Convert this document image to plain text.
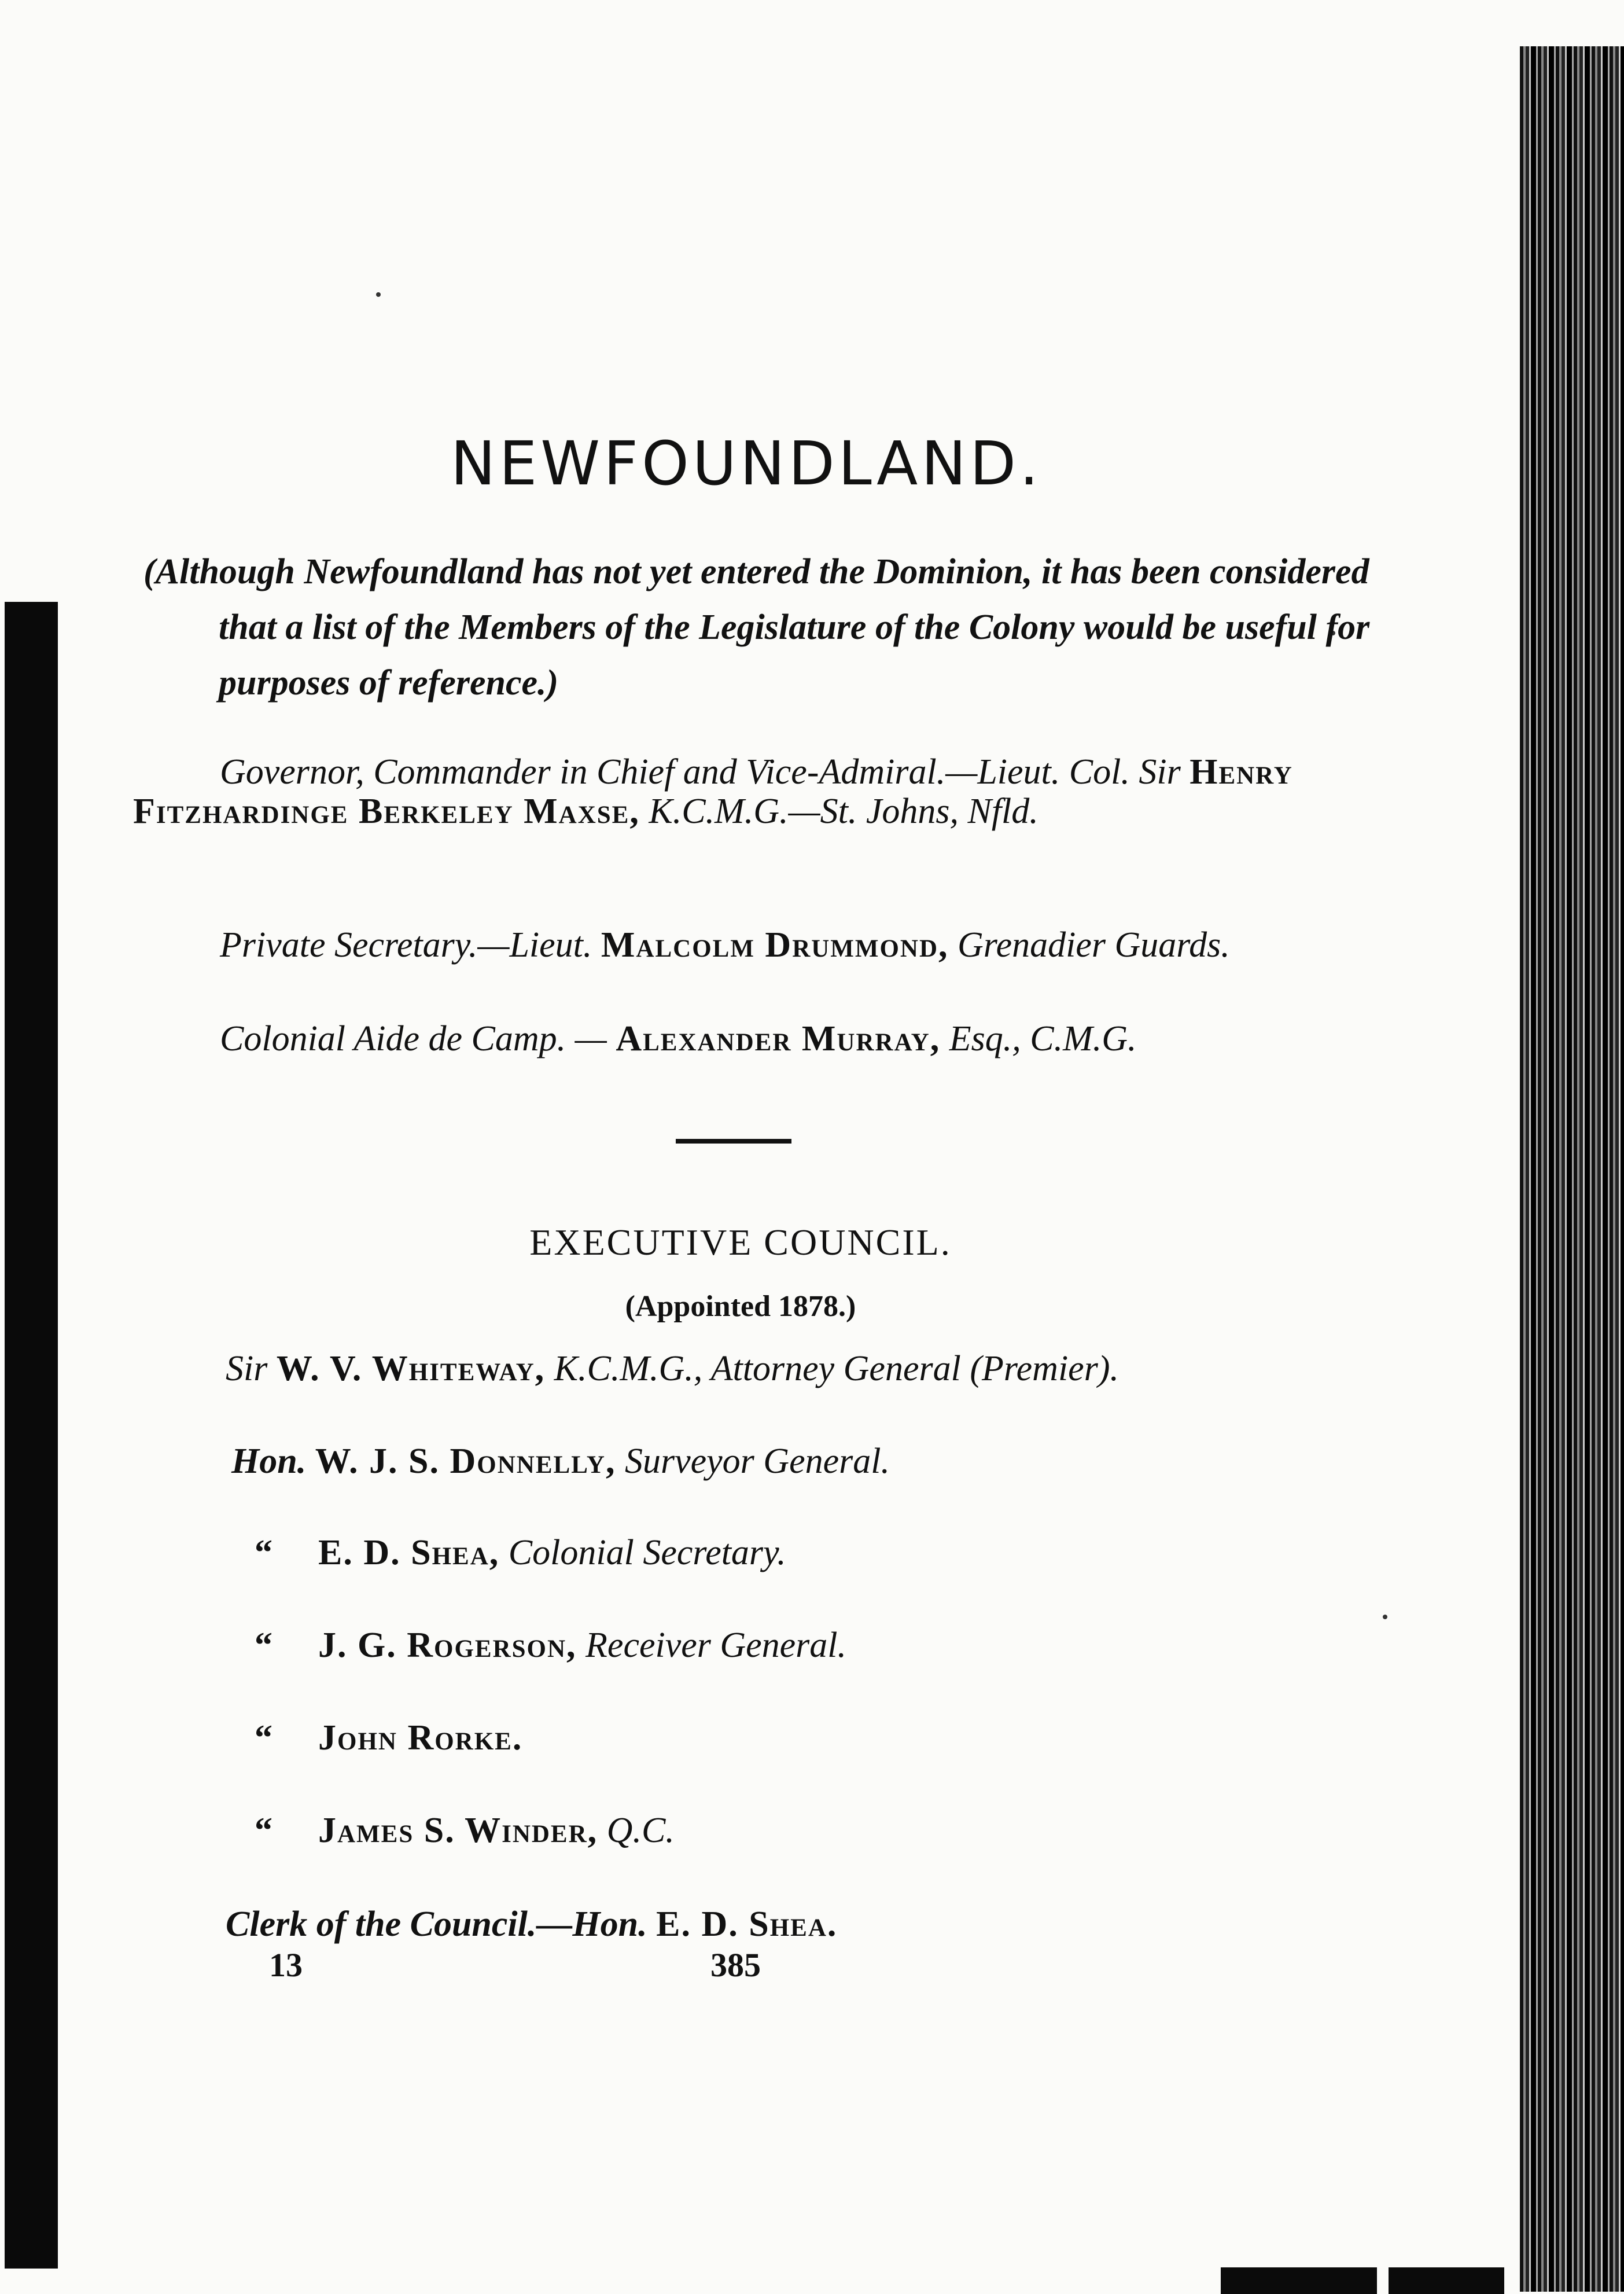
NEWFOUNDLAND.

(Although Newfoundland has not yet entered the Dominion, it has been considered that a list of the Members of the Legislature of the Colony would be useful for purposes of reference.)

Governor, Commander in Chief and Vice-Admiral.—Lieut. Col. Sir Henry Fitzhardinge Berkeley Maxse, K.C.M.G.—St. Johns, Nfld.

Private Secretary.—Lieut. Malcolm Drummond, Grenadier Guards.

Colonial Aide de Camp. — Alexander Murray, Esq., C.M.G.

EXECUTIVE COUNCIL.

(Appointed 1878.)

Sir W. V. Whiteway, K.C.M.G., Attorney General (Premier).

Hon. W. J. S. Donnelly, Surveyor General.

“ E. D. Shea, Colonial Secretary.

“ J. G. Rogerson, Receiver General.

“ John Rorke.

“ James S. Winder, Q.C.

Clerk of the Council.—Hon. E. D. Shea.

13	385
